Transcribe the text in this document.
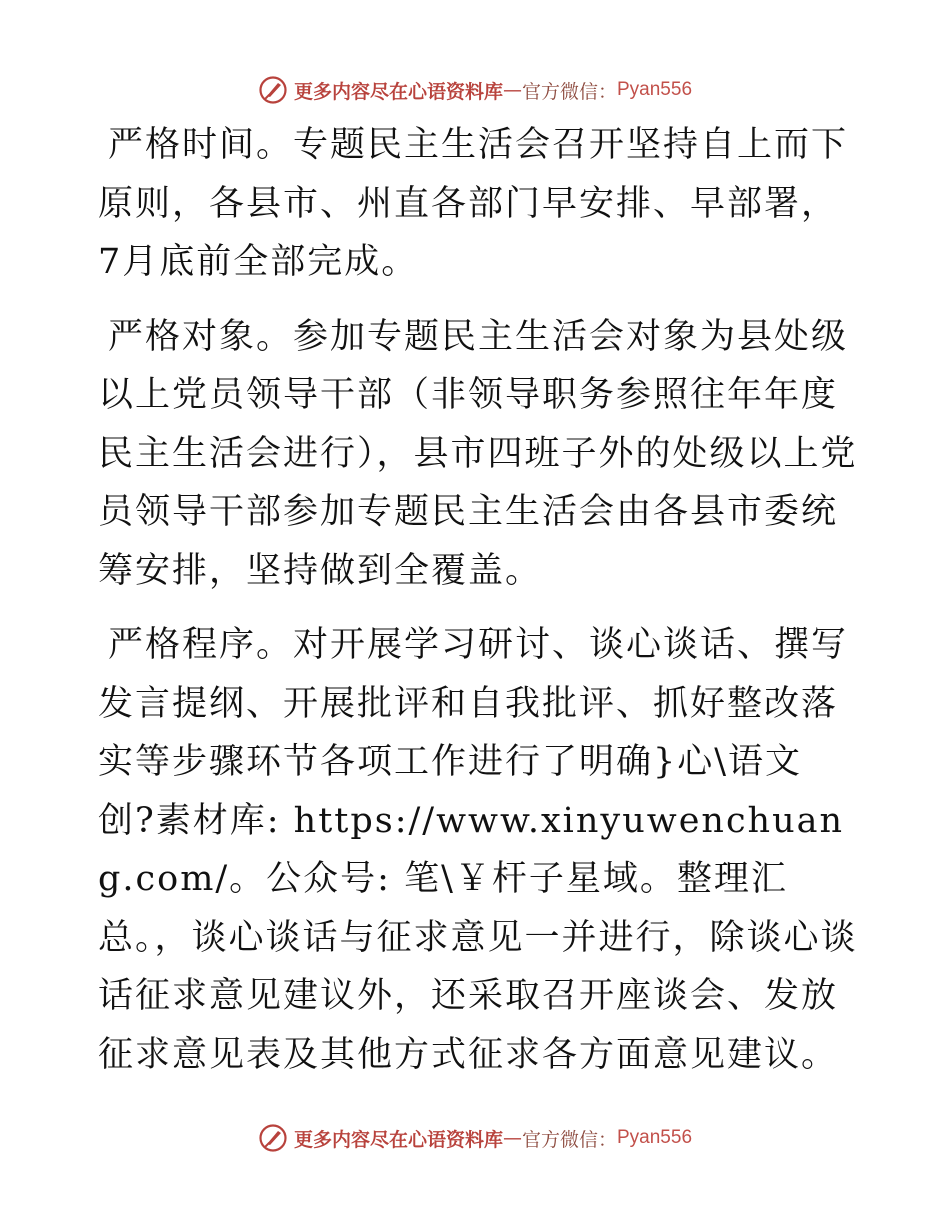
更多内容尽在心语资料库 — 官方微信： Pyan556

严格时间。专题民主生活会召开坚持自上而下原则，各县市、州直各部门早安排、早部署，7月底前全部完成。

严格对象。参加专题民主生活会对象为县处级以上党员领导干部（非领导职务参照往年年度民主生活会进行），县市四班子外的处级以上党员领导干部参加专题民主生活会由各县市委统筹安排，坚持做到全覆盖。

严格程序。对开展学习研讨、谈心谈话、撰写发言提纲、开展批评和自我批评、抓好整改落实等步骤环节各项工作进行了明确}心\语文创?素材库: https://www.xinyuwenchuang.com/。公众号: 笔\￥杆子星域。整理汇总。，谈心谈话与征求意见一并进行，除谈心谈话征求意见建议外，还采取召开座谈会、发放征求意见表及其他方式征求各方面意见建议。

更多内容尽在心语资料库 — 官方微信： Pyan556
